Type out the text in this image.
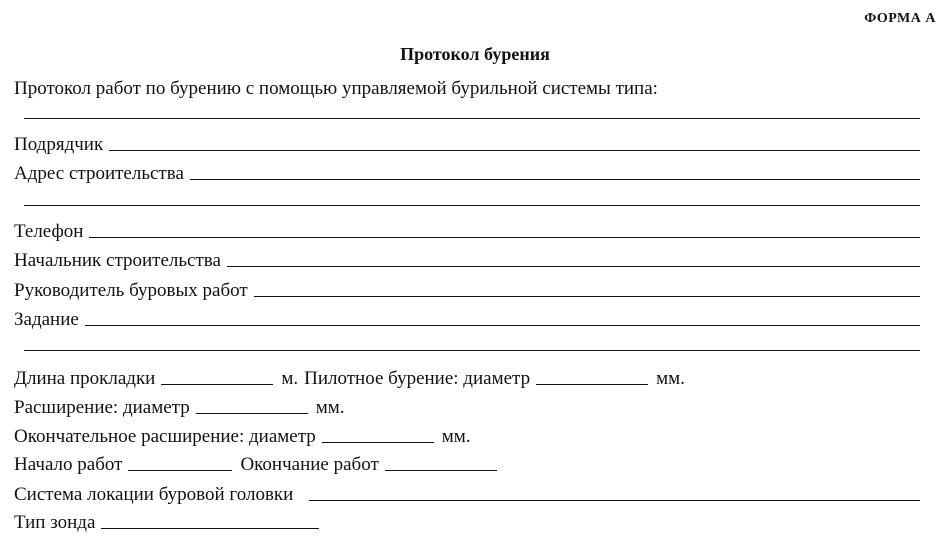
ФОРМА А
Протокол бурения
Протокол работ по бурению с помощью управляемой бурильной системы типа:
Подрядчик
Адрес строительства
Телефон
Начальник строительства
Руководитель буровых работ
Задание
Длина прокладки	м. Пилотное бурение: диаметр	мм.
Расширение: диаметр	мм.
Окончательное расширение: диаметр	мм.
Начало работ	Окончание работ
Система локации буровой головки
Тип зонда
